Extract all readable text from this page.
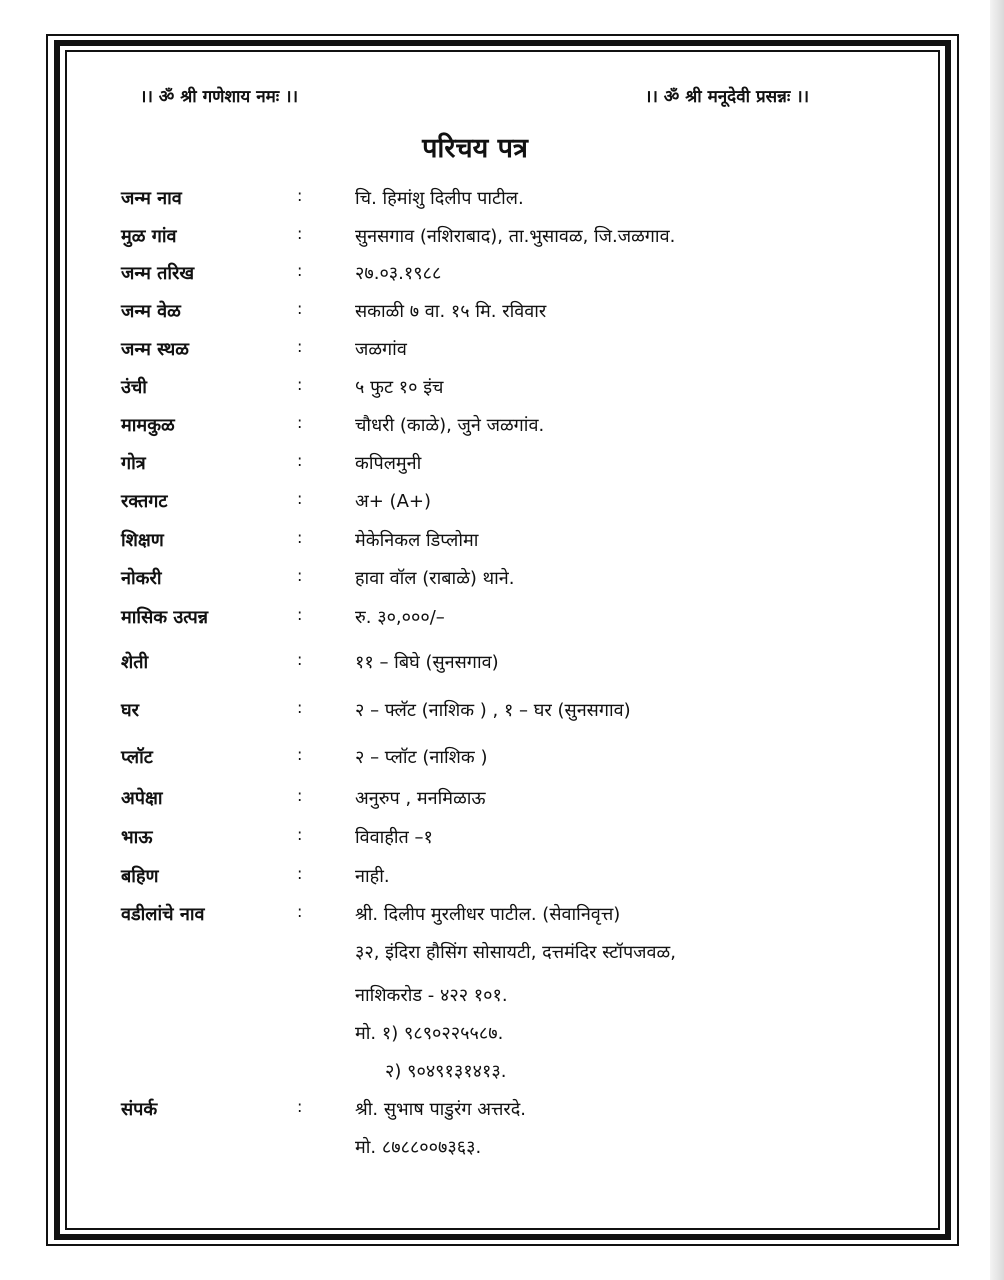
।। ॐ श्री गणेशाय नमः ।।	।। ॐ श्री मनूदेवी प्रसन्नः ।।
परिचय पत्र
जन्म नाव	:	चि. हिमांशु दिलीप पाटील.
मुळ गांव	:	सुनसगाव (नशिराबाद), ता.भुसावळ, जि.जळगाव.
जन्म तरिख	:	२७.०३.१९८८
जन्म वेळ	:	सकाळी ७ वा. १५ मि. रविवार
जन्म स्थळ	:	जळगांव
उंची	:	५ फुट १० इंच
मामकुळ	:	चौधरी (काळे), जुने जळगांव.
गोत्र	:	कपिलमुनी
रक्तगट	:	अ+ (A+)
शिक्षण	:	मेकेनिकल डिप्लोमा
नोकरी	:	हावा वॉल (राबाळे) थाने.
मासिक उत्पन्न	:	रु. ३०,०००/–
शेती	:	११ – बिघे (सुनसगाव)
घर	:	२ – फ्लॅट (नाशिक ) , १ – घर (सुनसगाव)
प्लॉट	:	२ – प्लॉट (नाशिक )
अपेक्षा	:	अनुरुप , मनमिळाऊ
भाऊ	:	विवाहीत –१
बहिण	:	नाही.
वडीलांचे नाव	:	श्री. दिलीप मुरलीधर पाटील. (सेवानिवृत्त)
३२, इंदिरा हौसिंग सोसायटी, दत्तमंदिर स्टॉपजवळ,
नाशिकरोड - ४२२ १०१.
मो. १) ९८९०२२५५८७.
२) ९०४९१३१४१३.
संपर्क	:	श्री. सुभाष पाडुरंग अत्तरदे.
मो. ८७८८००७३६३.
